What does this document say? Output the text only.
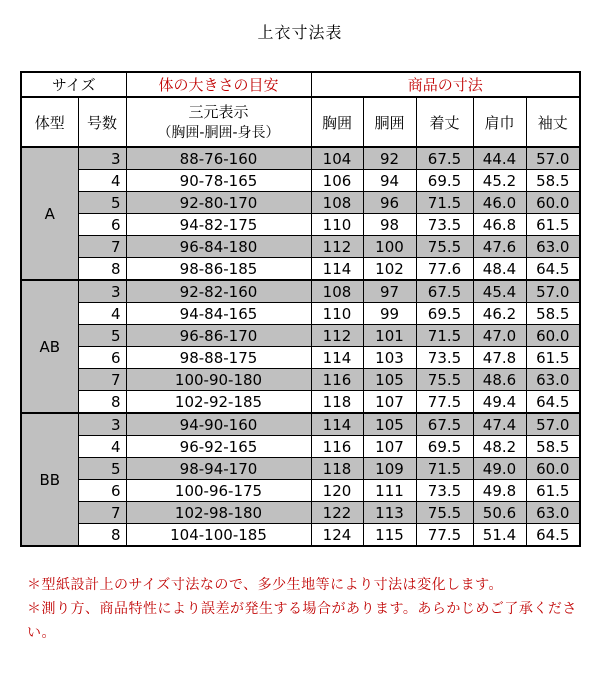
上衣寸法表
サイズ		体の大きさの目安	商品の寸法				
体型	号数	三元表示
（胸囲-胴囲-身長）	胸囲	胴囲	着丈	肩巾	袖丈
A	3	88-76-160	104	92	67.5	44.4	57.0
	4	90-78-165	106	94	69.5	45.2	58.5
	5	92-80-170	108	96	71.5	46.0	60.0
	6	94-82-175	110	98	73.5	46.8	61.5
	7	96-84-180	112	100	75.5	47.6	63.0
	8	98-86-185	114	102	77.6	48.4	64.5
AB	3	92-82-160	108	97	67.5	45.4	57.0
	4	94-84-165	110	99	69.5	46.2	58.5
	5	96-86-170	112	101	71.5	47.0	60.0
	6	98-88-175	114	103	73.5	47.8	61.5
	7	100-90-180	116	105	75.5	48.6	63.0
	8	102-92-185	118	107	77.5	49.4	64.5
BB	3	94-90-160	114	105	67.5	47.4	57.0
	4	96-92-165	116	107	69.5	48.2	58.5
	5	98-94-170	118	109	71.5	49.0	60.0
	6	100-96-175	120	111	73.5	49.8	61.5
	7	102-98-180	122	113	75.5	50.6	63.0
	8	104-100-185	124	115	77.5	51.4	64.5

＊型紙設計上のサイズ寸法なので、多少生地等により寸法は変化します。

＊測り方、商品特性により誤差が発生する場合があります。あらかじめご了承ください。
